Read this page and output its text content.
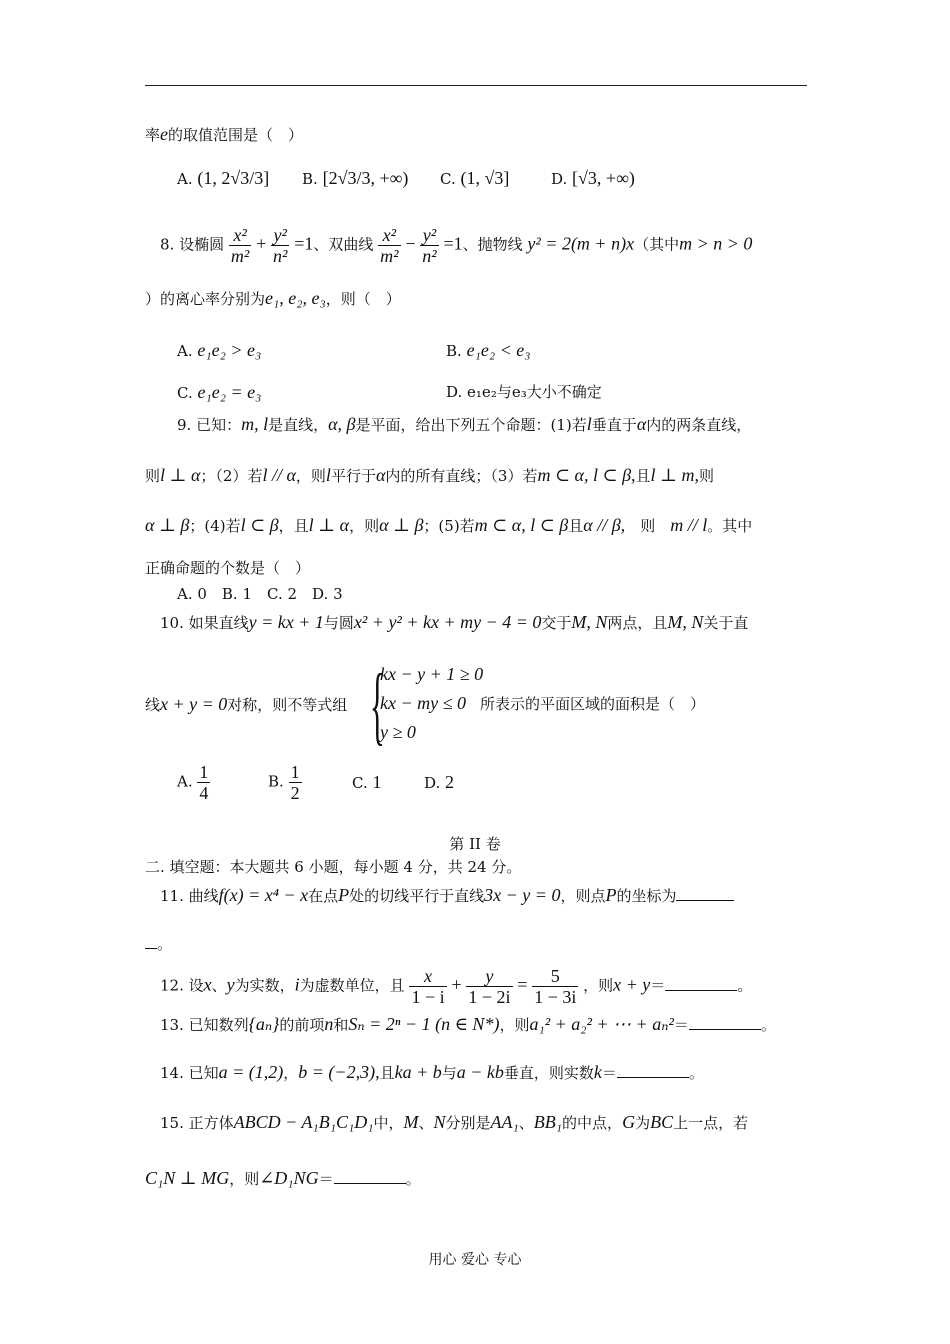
率e的取值范围是（　）
A. (1, 2√3/3] B. [2√3/3, +∞) C. (1, √3]	D. [√3, +∞)
8. 设椭圆 $\frac{\text{x²}}{\text{m²}} + \frac{\text{y²}}{\text{n²}} =1$、双曲线 $\frac{\text{x²}}{\text{m²}} - \frac{\text{y²}}{\text{n²}} =1$、抛物线 y² = 2(m + n)x（其中m > n > 0
）的离心率分别为e₁, e₂, e₃，则（　）
A. e₁e₂ > e₃	B. e₁e₂ < e₃
C. e₁e₂ = e₃	D. e₁e₂与e₃大小不确定
9. 已知：m, l是直线，α, β是平面，给出下列五个命题：(1)若l垂直于α内的两条直线，
则l ⊥ α；（2）若l // α，则l平行于α内的所有直线；（3）若m ⊂ α, l ⊂ β,且l ⊥ m,则
α ⊥ β；(4)若l ⊂ β，且l ⊥ α，则α ⊥ β；(5)若m ⊂ α, l ⊂ β且α // β,　 则　 m // l。其中
正确命题的个数是（　）
A. 0　B. 1　C. 2　D. 3
10. 如果直线y = kx + 1与圆x² + y² + kx + my − 4 = 0交于M, N两点，且M, N关于直
线x + y = 0对称，则不等式组 {
kx − y + 1 ≥ 0
kx − my ≤ 0
y ≥ 0
所表示的平面区域的面积是（　）
A. $\frac{1}{4}$	B. $\frac{1}{2}$	C. 1	D. 2
第 II 卷
二. 填空题：本大题共 6 小题，每小题 4 分，共 24 分。
11. 曲线f(x) = x⁴ − x在点P处的切线平行于直线3x − y = 0，则点P的坐标为
。
12. 设x、y为实数，i为虚数单位，且 $\frac{x}{1 - i} + \frac{y}{1 - 2i} = \frac{5}{1 - 3i}$ ，则x + y＝	。
13. 已知数列{aₙ}的前项n和Sₙ = 2ⁿ − 1 (n ∈ N*)，则a₁² + a₂² + ⋯ + aₙ²＝	。
14. 已知a = (1,2)，b = (−2,3),且ka + b与a − kb垂直，则实数k＝	。
15. 正方体ABCD − A₁B₁C₁D₁中，M、N分别是AA₁、BB₁的中点，G为BC上一点，若
C₁N ⊥ MG，则∠D₁NG＝	。
用心 爱心 专心
